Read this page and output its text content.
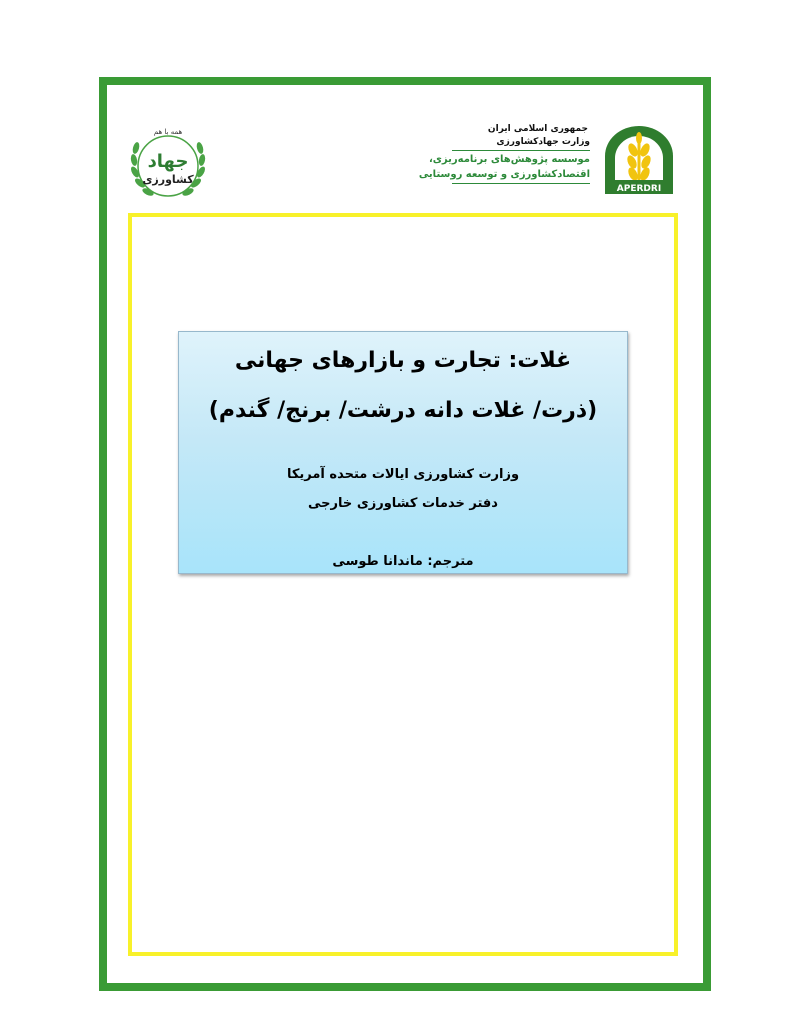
همه با هم
جهاد
کشاورزی
جمهوری اسلامی ایران
وزارت جهادکشاورزی
موسسه پژوهش‌های برنامه‌ریزی،
اقتصادکشاورزی و توسعه روستایی
APERDRI
غلات: تجارت و بازارهای جهانی
(ذرت/ غلات دانه درشت/ برنج/ گندم)
وزارت کشاورزی ایالات متحده آمریکا
دفتر خدمات کشاورزی خارجی
مترجم: ماندانا طوسی
